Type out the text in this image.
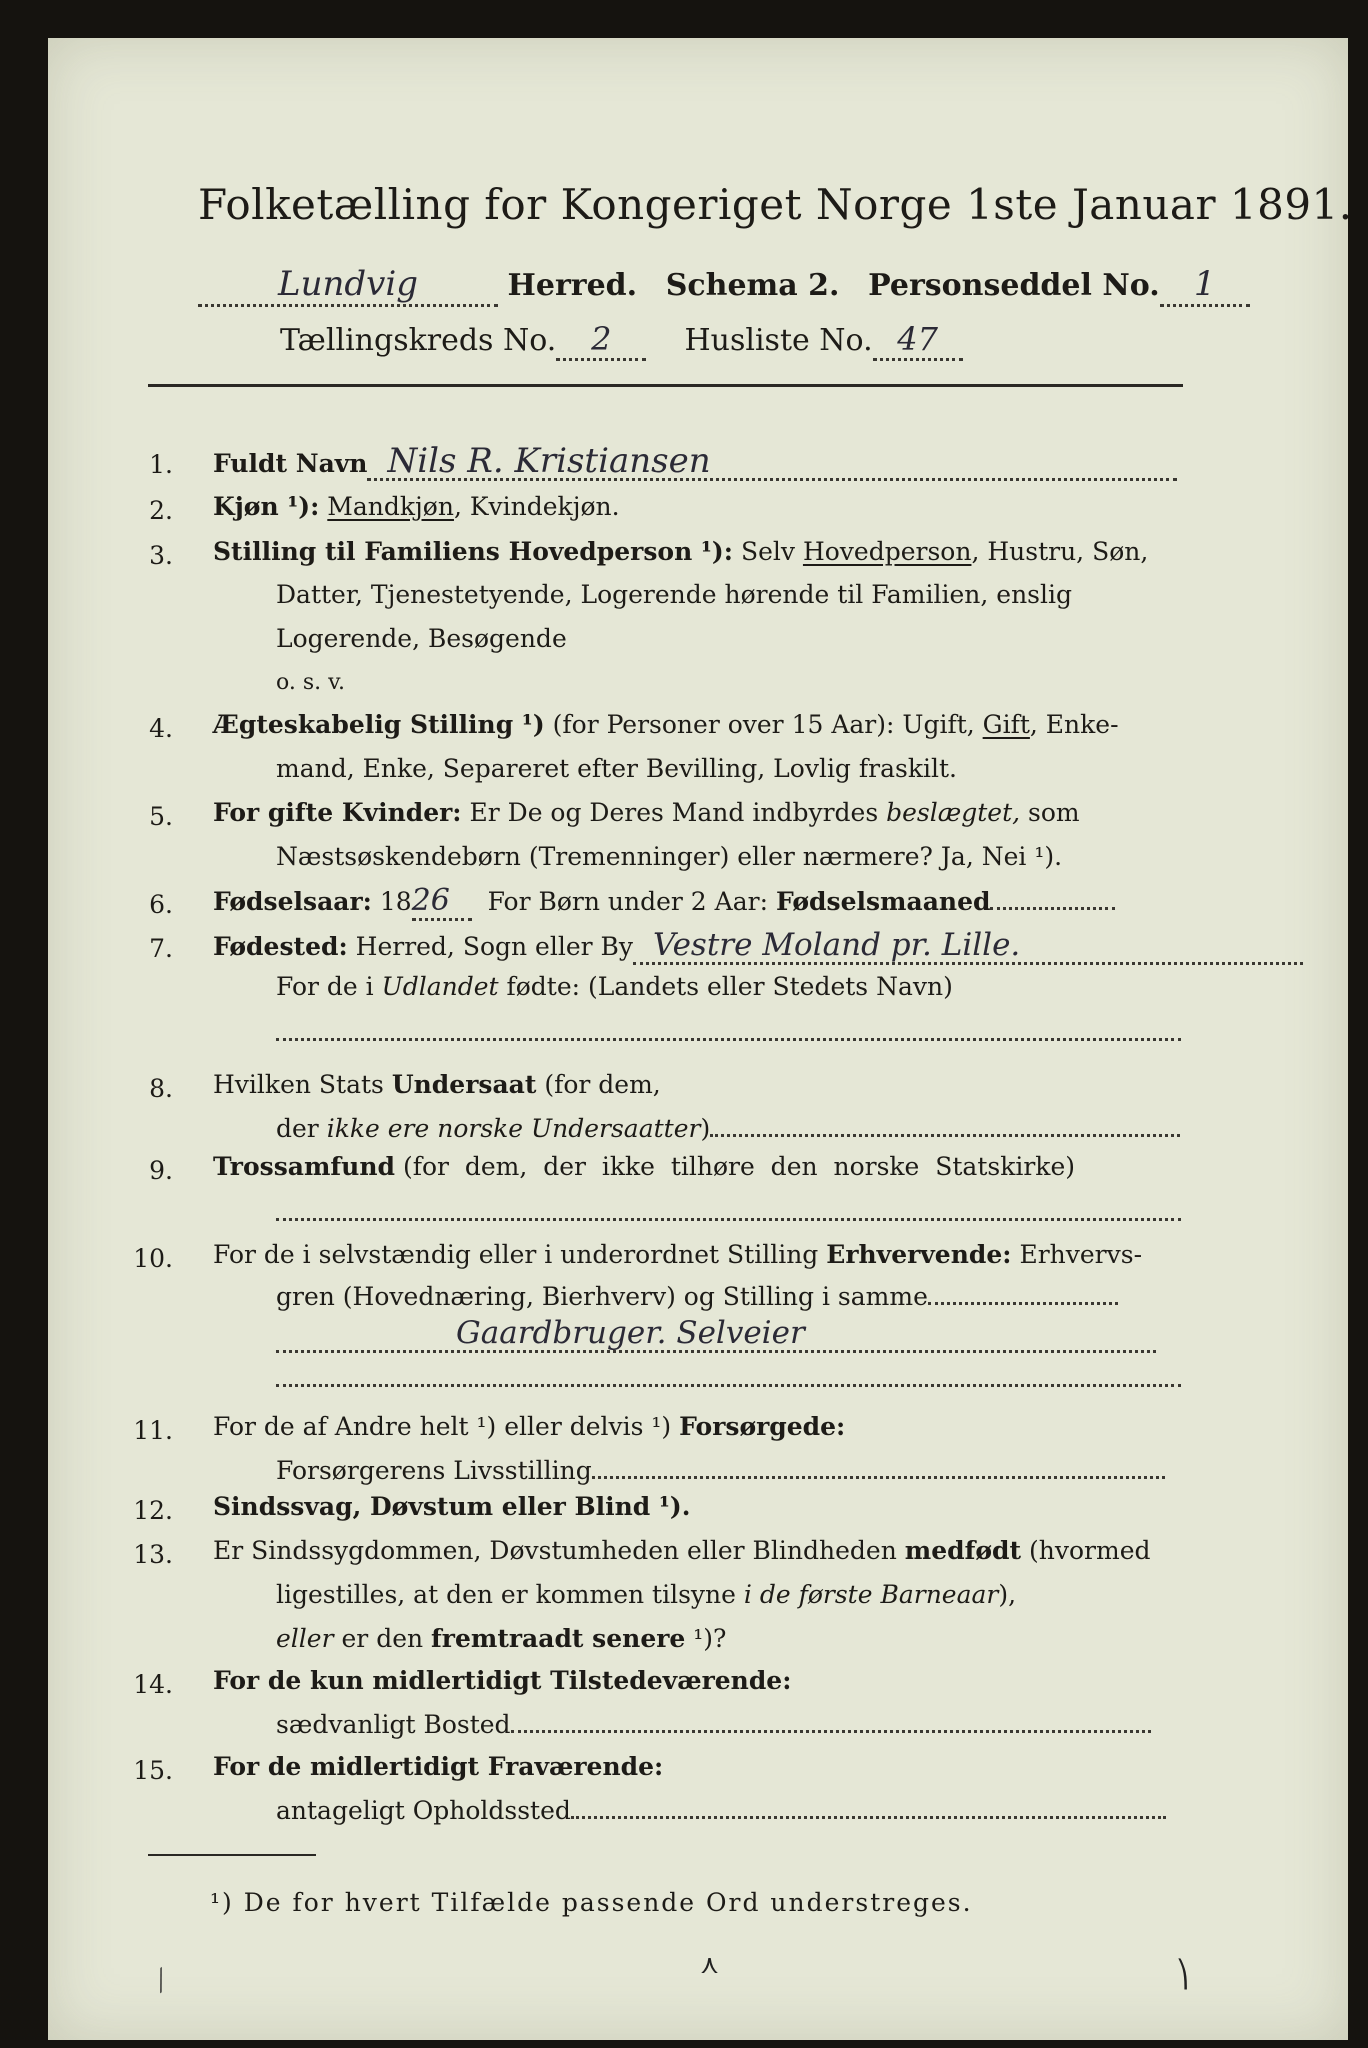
Folketælling for Kongeriget Norge 1ste Januar 1891.
Lundvig	Herred. Schema 2. Personseddel No. 1
Tællingskreds No. 2 Husliste No. 47
1. Fuldt Navn Nils R. Kristiansen
2. Kjøn ¹): Mandkjøn, Kvindekjøn.
3. Stilling til Familiens Hovedperson ¹): Selv Hovedperson, Hustru, Søn,
Datter, Tjenestetyende, Logerende hørende til Familien, enslig
Logerende, Besøgende
o. s. v.
4. Ægteskabelig Stilling ¹) (for Personer over 15 Aar): Ugift, Gift, Enke-
mand, Enke, Separeret efter Bevilling, Lovlig fraskilt.
5. For gifte Kvinder: Er De og Deres Mand indbyrdes beslægtet, som
Næstsøskendebørn (Tremenninger) eller nærmere? Ja, Nei ¹).
6. Fødselsaar: 1826 For Børn under 2 Aar: Fødselsmaaned
7. Fødested: Herred, Sogn eller By Vestre Moland pr. Lille.
For de i Udlandet fødte: (Landets eller Stedets Navn)
8. Hvilken Stats Undersaat (for dem,
der ikke ere norske Undersaatter)
9. Trossamfund (for  dem,  der  ikke  tilhøre  den  norske  Statskirke)
10. For de i selvstændig eller i underordnet Stilling Erhvervende: Erhvervs-
gren (Hovednæring, Bierhverv) og Stilling i samme
Gaardbruger. Selveier
11. For de af Andre helt ¹) eller delvis ¹) Forsørgede:
Forsørgerens Livsstilling
12. Sindssvag, Døvstum eller Blind ¹).
13. Er Sindssygdommen, Døvstumheden eller Blindheden medfødt (hvormed
ligestilles, at den er kommen tilsyne i de første Barneaar),
eller er den fremtraadt senere ¹)?
14. For de kun midlertidigt Tilstedeværende:
sædvanligt Bosted
15. For de midlertidigt Fraværende:
antageligt Opholdssted
¹) De for hvert Tilfælde passende Ord understreges.
⟋	⋏	⎞
